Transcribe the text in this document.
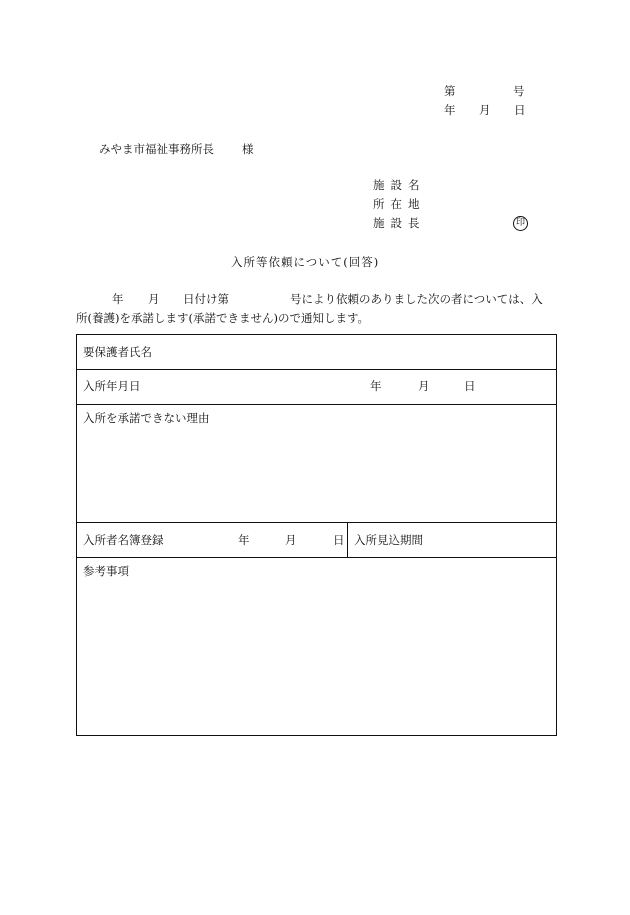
第	号
年 月 日
みやま市福祉事務所長 様
施設名
所在地
施設長	印
入所等依頼について(回答)
年 月 日付け第	号により依頼のありました次の者については、入
所(養護)を承諾します(承諾できません)ので通知します。
要保護者氏名

入所年月日	年	月	日

入所を承諾できない理由

入所者名簿登録	年	月	日	入所見込期間

参考事項
